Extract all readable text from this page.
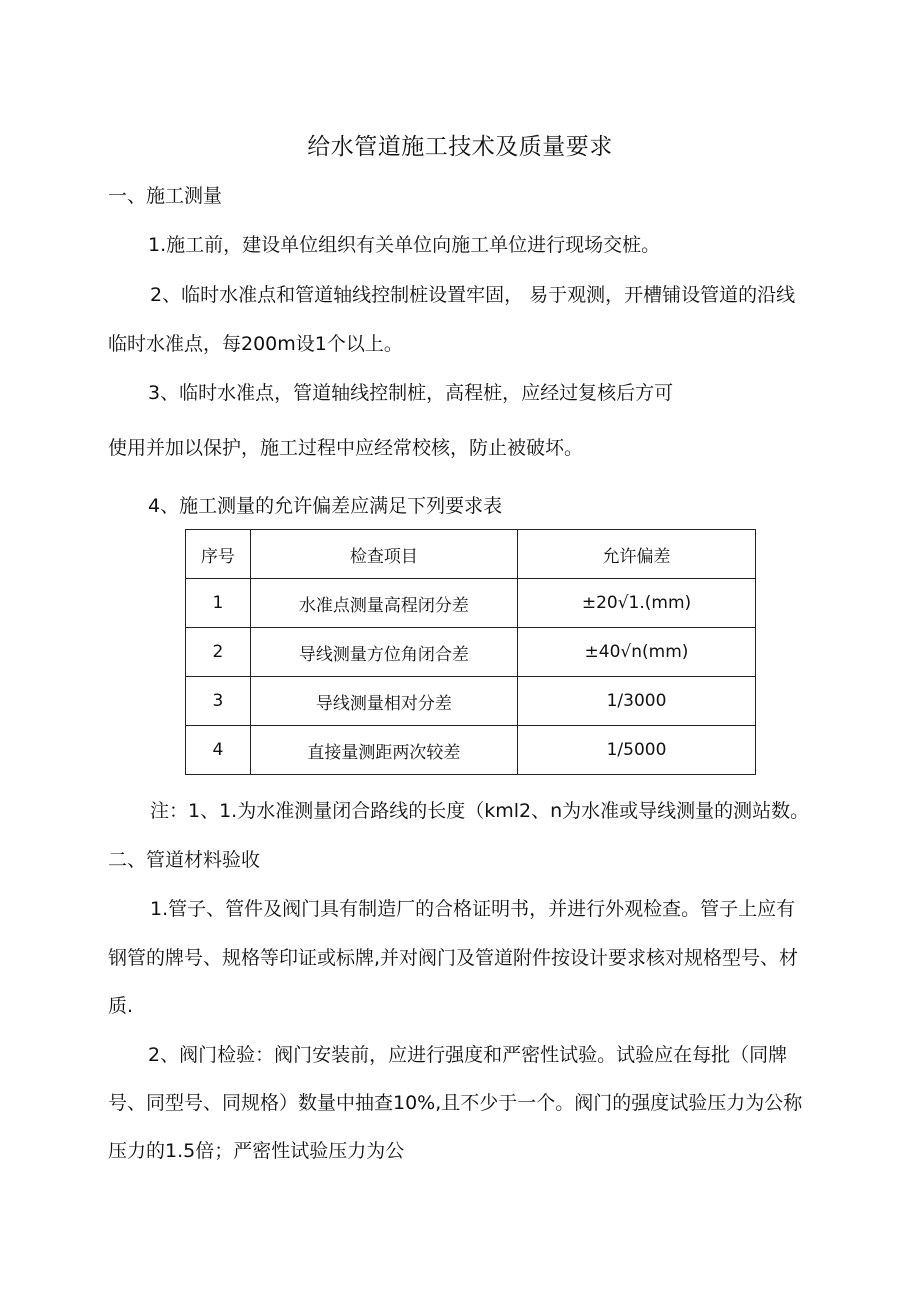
给水管道施工技术及质量要求
一、施工测量
1.施工前，建设单位组织有关单位向施工单位进行现场交桩。
2、临时水准点和管道轴线控制桩设置牢固， 易于观测，开槽铺设管道的沿线
临时水准点，每200m设1个以上。
3、临时水准点，管道轴线控制桩，高程桩，应经过复核后方可
使用并加以保护，施工过程中应经常校核，防止被破坏。
4、施工测量的允许偏差应满足下列要求表
序号	检查项目	允许偏差
1	水准点测量高程闭分差	±20√1.(mm)
2	导线测量方位角闭合差	±40√n(mm)
3	导线测量相对分差	1/3000
4	直接量测距两次较差	1/5000
注：1、1.为水准测量闭合路线的长度（kml2、n为水准或导线测量的测站数。
二、管道材料验收
1.管子、管件及阀门具有制造厂的合格证明书，并进行外观检查。管子上应有
钢管的牌号、规格等印证或标牌,并对阀门及管道附件按设计要求核对规格型号、材
质.
2、阀门检验：阀门安装前，应进行强度和严密性试验。试验应在每批（同牌
号、同型号、同规格）数量中抽查10%,且不少于一个。阀门的强度试验压力为公称
压力的1.5倍；严密性试验压力为公
